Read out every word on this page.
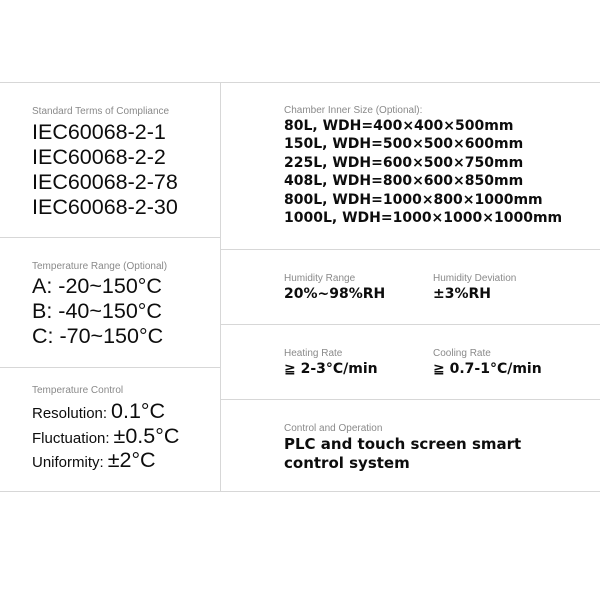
Standard Terms of Compliance
IEC60068-2-1
IEC60068-2-2
IEC60068-2-78
IEC60068-2-30
Temperature Range (Optional)
A: -20~150°C
B: -40~150°C
C: -70~150°C
Temperature Control
Resolution: 0.1°C
Fluctuation: ±0.5°C
Uniformity: ±2°C
Chamber Inner Size (Optional):
80L, WDH=400×400×500mm
150L, WDH=500×500×600mm
225L, WDH=600×500×750mm
408L, WDH=800×600×850mm
800L, WDH=1000×800×1000mm
1000L, WDH=1000×1000×1000mm
Humidity Range
20%~98%RH
Humidity Deviation
±3%RH
Heating Rate
≧ 2-3°C/min
Cooling Rate
≧ 0.7-1°C/min
Control and Operation
PLC and touch screen smart
control system
